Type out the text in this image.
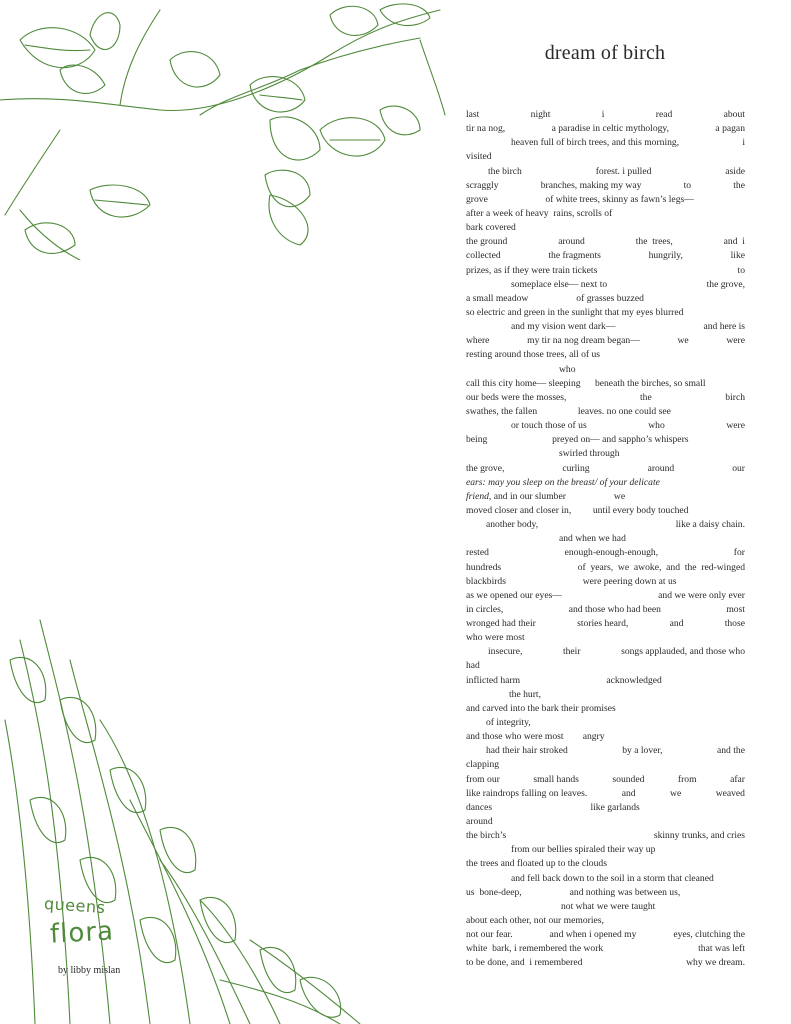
dream of birch
last	night	i	read	about
tir na nog,	a paradise in celtic mythology,	a pagan
heaven full of birch trees, and this morning,	i
visited
the birch	forest. i pulled	aside
scraggly	branches, making my way	to	the
grove                        of white trees, skinny as fawn’s legs—
after a week of heavy  rains, scrolls of
bark covered
the ground	around	the  trees,	and  i
collected	the fragments	hungrily,	like
prizes, as if they were train tickets	to
someplace else— next to	the grove,
a small meadow                    of grasses buzzed
so electric and green in the sunlight that my eyes blurred
and my vision went dark—	and here is
where	my tir na nog dream began—	we	were
resting around those trees, all of us
who
call this city home— sleeping      beneath the birches, so small
our beds were the mosses,	the	birch
swathes, the fallen                 leaves. no one could see
or touch those of us	who	were
being                           preyed on— and sappho’s whispers
swirled through
the grove,	curling	around	our
ears: may you sleep on the breast/ of your delicate
friend, and in our slumber                    we
moved closer and closer in,         until every body touched
another body,	like a daisy chain.
and when we had
rested	enough-enough-enough,	for
hundreds	of  years,  we  awoke,  and  the  red-winged
blackbirds                                were peering down at us
as we opened our eyes—	and we were only ever
in circles,	and those who had been	most
wronged had their	stories heard,	and	those
who were most
insecure,	their	songs applauded, and those who
had
inflicted harm                                    acknowledged
the hurt,
and carved into the bark their promises
of integrity,
and those who were most        angry
had their hair stroked	by a lover,	and the
clapping
from our	small hands	sounded	from	afar
like raindrops falling on leaves.	and	we	weaved
dances                                         like garlands
around
the birch’s	skinny trunks, and cries
from our bellies spiraled their way up
the trees and floated up to the clouds
and fell back down to the soil in a storm that cleaned
us  bone-deep,                    and nothing was between us,
not what we were taught
about each other, not our memories,
not our fear.	and when i opened my	eyes, clutching the
white  bark, i remembered the work	that was left
to be done, and  i remembered	why we dream.
queens
flora
by libby mislan
